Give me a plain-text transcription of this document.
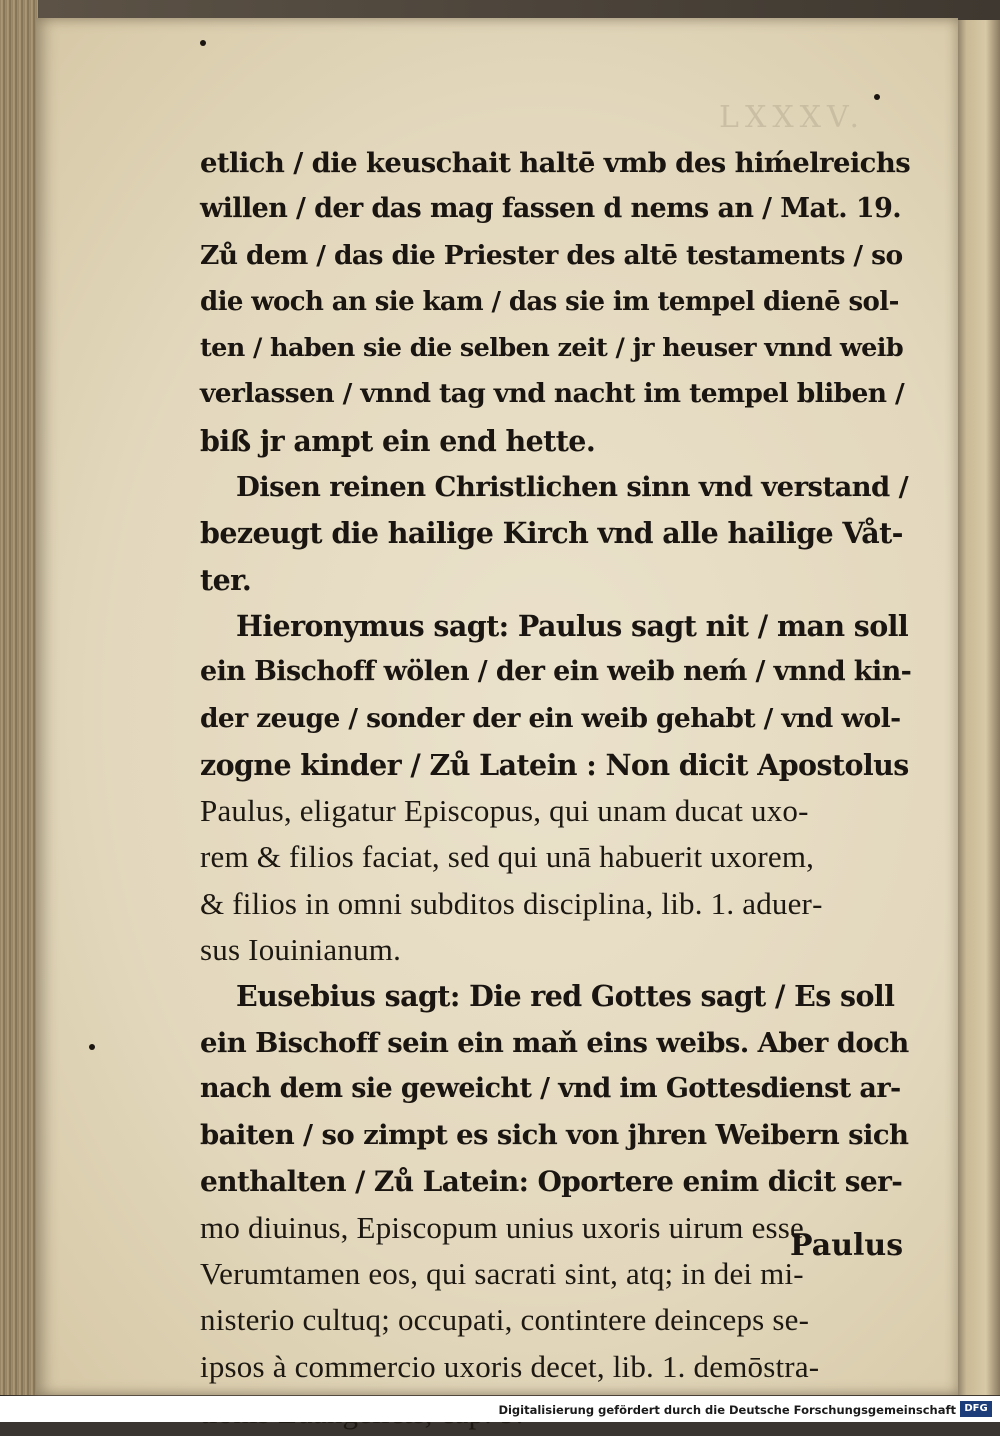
LXXXV.
etlich / die keuschait haltē vmb des hiḿelreichs
willen / der das mag fassen d nems an / Mat. 19.
Zů dem / das die Priester des altē testaments / so
die woch an sie kam / das sie im tempel dienē sol‑
ten / haben sie die selben zeit / jr heuser vnnd weib
verlassen / vnnd tag vnd nacht im tempel bliben /
biß jr ampt ein end hette.
Disen reinen Christlichen sinn vnd verstand /
bezeugt die hailige Kirch vnd alle hailige Våt‑
ter.
Hieronymus sagt: Paulus sagt nit / man soll
ein Bischoff wölen / der ein weib neḿ / vnnd kin‑
der zeuge / sonder der ein weib gehabt / vnd wol‑
zogne kinder / Zů Latein : Non dicit Apostolus
Paulus, eligatur Episcopus, qui unam ducat uxo‑
rem & filios faciat, sed qui unā habuerit uxorem,
& filios in omni subditos disciplina, lib. 1. aduer‑
sus Iouinianum.
Eusebius sagt: Die red Gottes sagt / Es soll
ein Bischoff sein ein maň eins weibs. Aber doch
nach dem sie geweicht / vnd im Gottesdienst ar‑
baiten / so zimpt es sich von jhren Weibern sich
enthalten / Zů Latein: Oportere enim dicit ser‑
mo diuinus, Episcopum unius uxoris uirum esse.
Verumtamen eos, qui sacrati sint, atq; in dei mi‑
nisterio cultuq; occupati, contintere deinceps se‑
ipsos à commercio uxoris decet, lib. 1. demōstra‑
Paulus
Digitalisierung gefördert durch die Deutsche Forschungsgemeinschaft DFG
